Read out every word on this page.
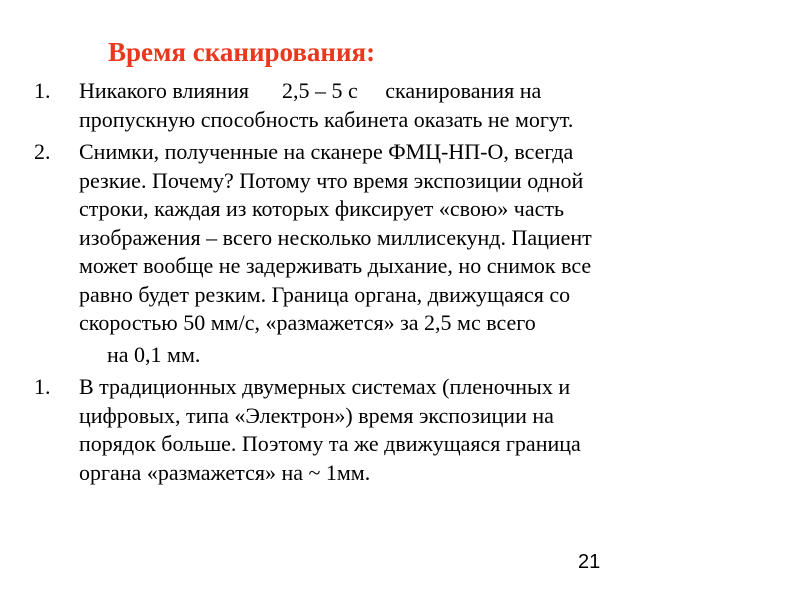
Время сканирования:
1. Никакого влияния      2,5 – 5 с     сканирования на
пропускную способность кабинета оказать не могут.
2. Снимки, полученные на сканере ФМЦ-НП-О, всегда
резкие. Почему? Потому что время экспозиции одной
строки, каждая из которых фиксирует «свою» часть
изображения – всего несколько миллисекунд. Пациент
может вообще не задерживать дыхание, но снимок все
равно будет резким. Граница органа, движущаяся со
скоростью 50 мм/с, «размажется» за 2,5 мс всего
на 0,1 мм.
1. В традиционных двумерных системах (пленочных и
цифровых, типа «Электрон») время экспозиции на
порядок больше. Поэтому та же движущаяся граница
органа «размажется» на ~ 1мм.
21
